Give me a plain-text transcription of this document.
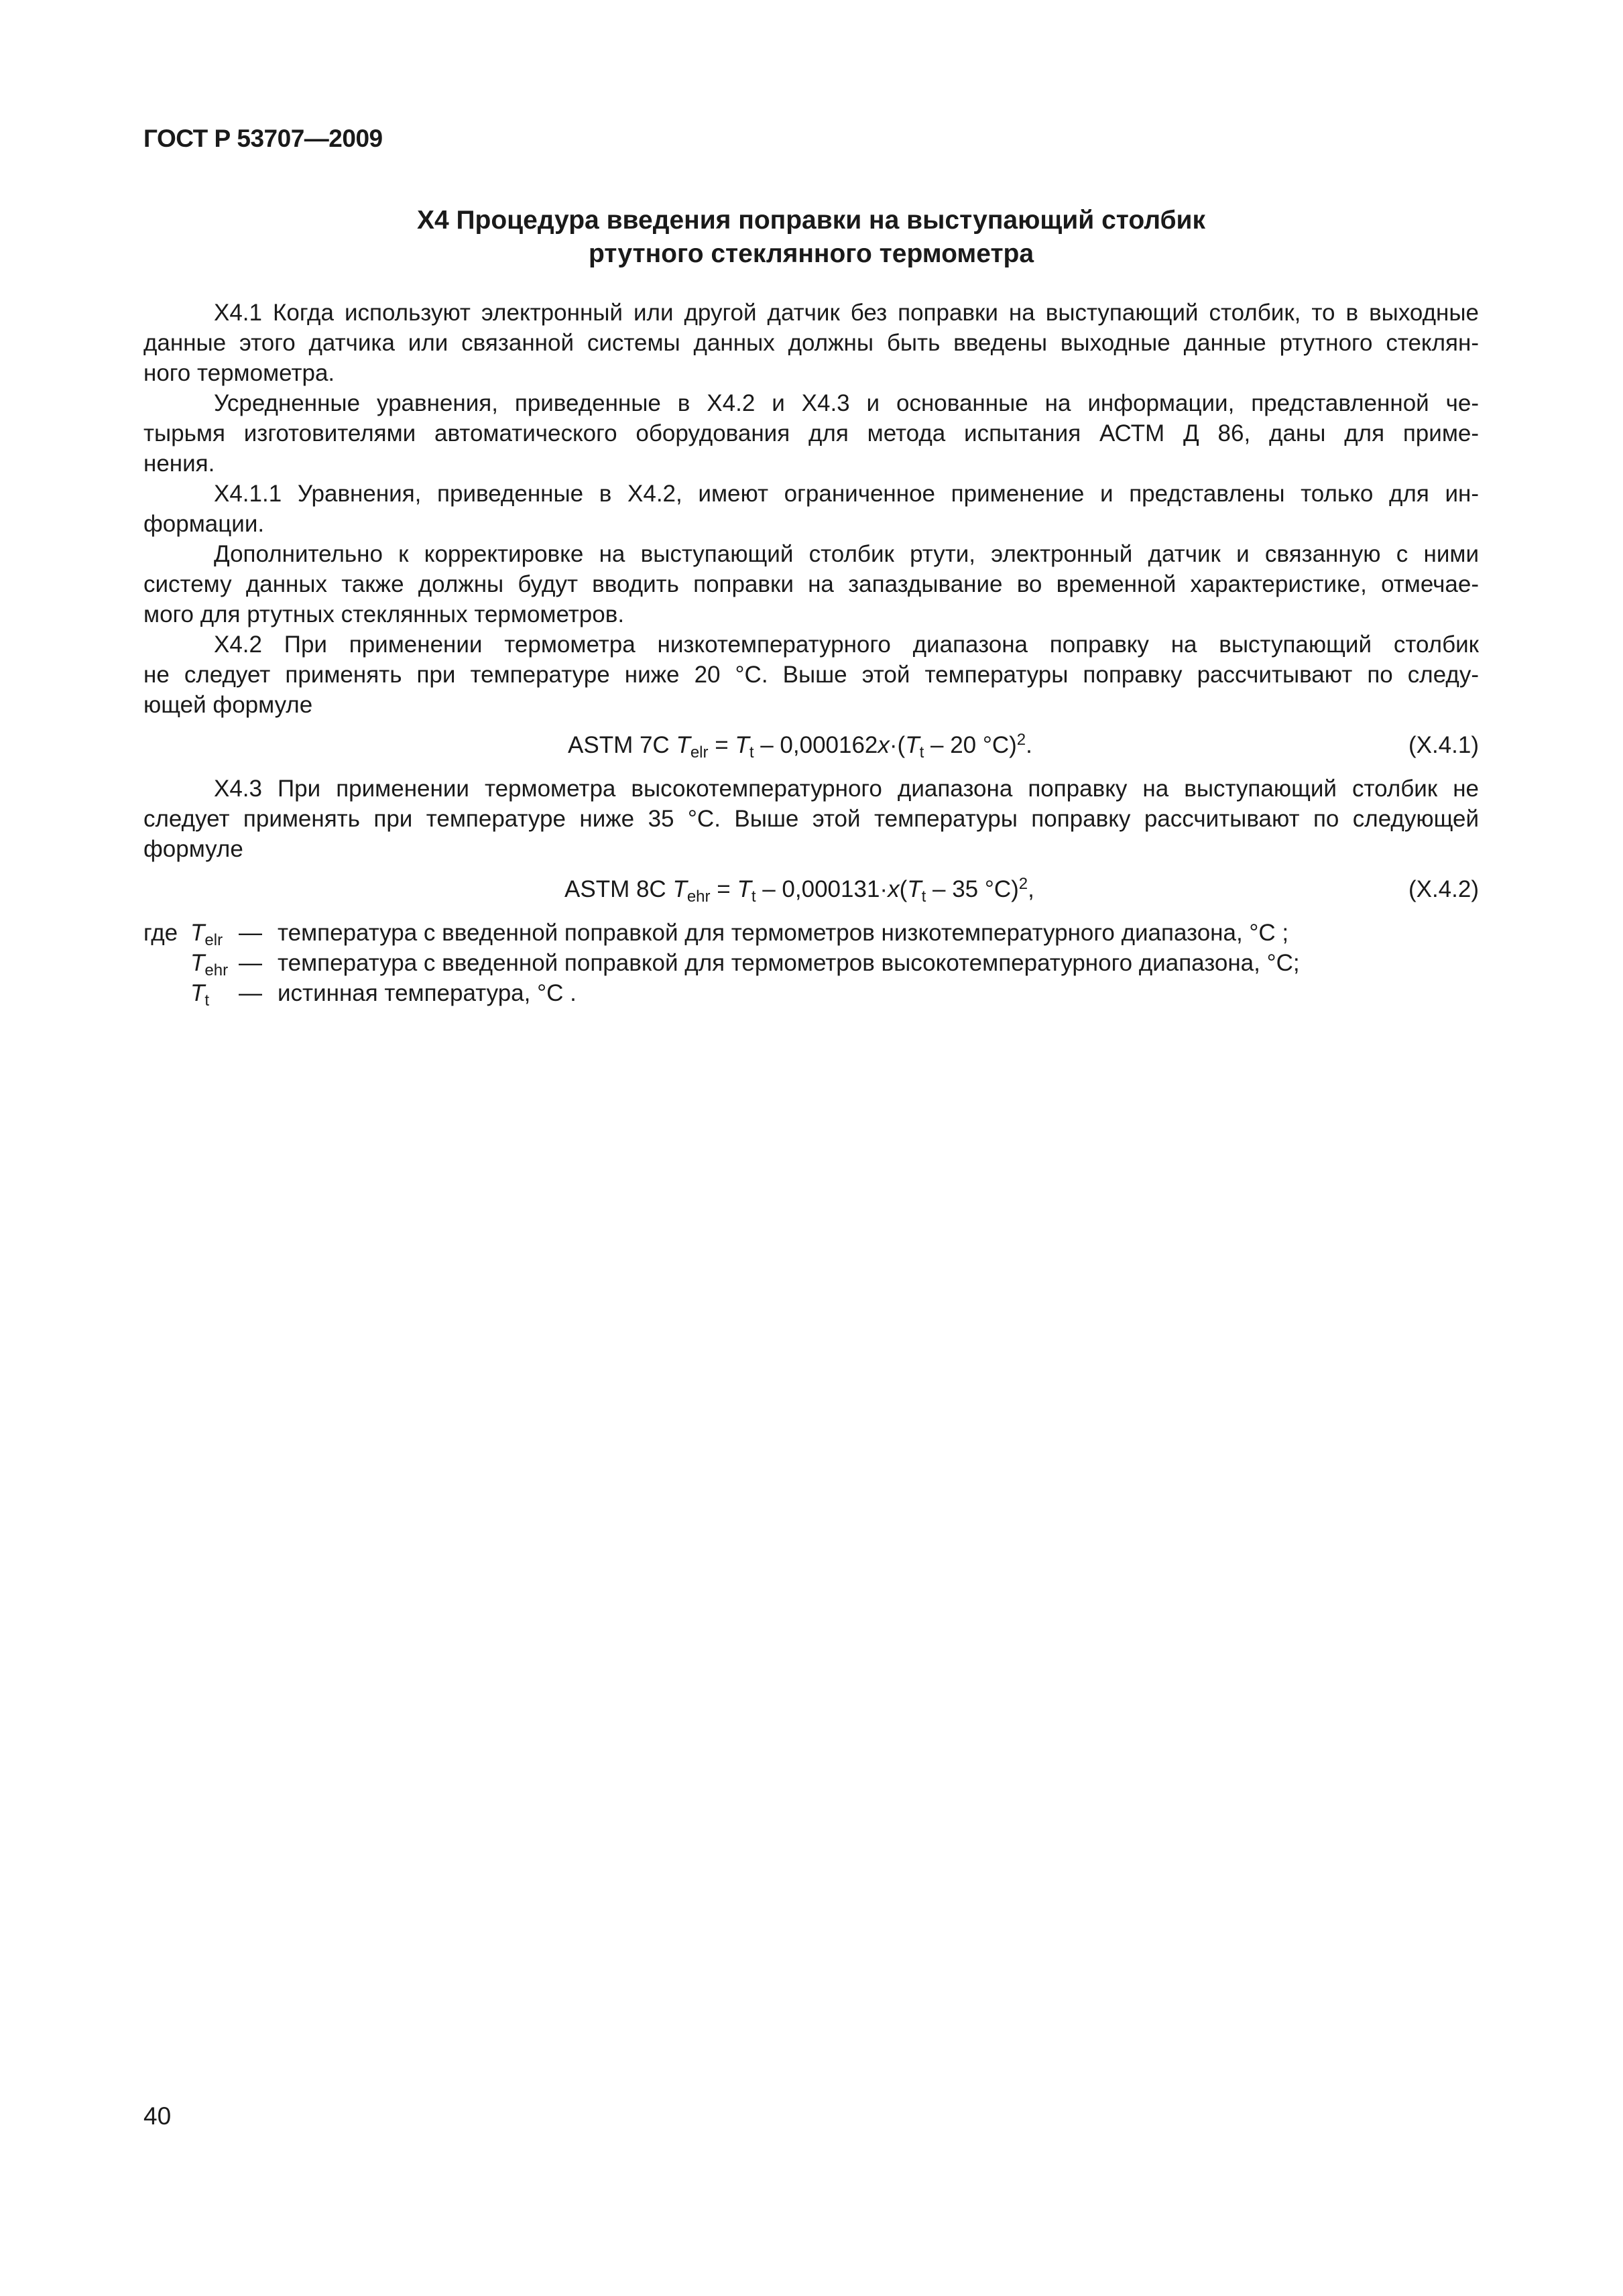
ГОСТ Р 53707—2009
Х4 Процедура введения поправки на выступающий столбик
ртутного стеклянного термометра

Х4.1 Когда используют электронный или другой датчик без поправки на выступающий столбик, то в выходные

данные этого датчика или связанной системы данных должны быть введены выходные данные ртутного стеклян-

ного термометра.

Усредненные уравнения, приведенные в Х4.2 и Х4.3 и основанные на информации, представленной че-

тырьмя изготовителями автоматического оборудования для метода испытания АСТМ Д 86, даны для приме-

нения.

Х4.1.1 Уравнения, приведенные в Х4.2, имеют ограниченное применение и представлены только для ин-

формации.

Дополнительно к корректировке на выступающий столбик ртути, электронный датчик и связанную с ними

систему данных также должны будут вводить поправки на запаздывание во временной характеристике, отмечае-

мого для ртутных стеклянных термометров.

Х4.2 При применении термометра низкотемпературного диапазона поправку на выступающий столбик

не следует применять при температуре ниже 20 °С. Выше этой температуры поправку рассчитывают по следу-

ющей формуле

ASTM 7C $T_{elr} = T_t - 0,000162x\cdot(T_t - 20$ °C)$^2$.	(X.4.1)

Х4.3 При применении термометра высокотемпературного диапазона поправку на выступающий столбик не

следует применять при температуре ниже 35 °С. Выше этой температуры поправку рассчитывают по следующей

формуле

ASTM 8C $T_{ehr} = T_t - 0,000131\cdot x(T_t - 35$ °C)$^2$,	(X.4.2)
где $T_{elr}$ — температура с введенной поправкой для термометров низкотемпературного диапазона, °С ;
$T_{ehr}$ — температура с введенной поправкой для термометров высокотемпературного диапазона, °С;
$T_t$ — истинная температура, °С .
40
